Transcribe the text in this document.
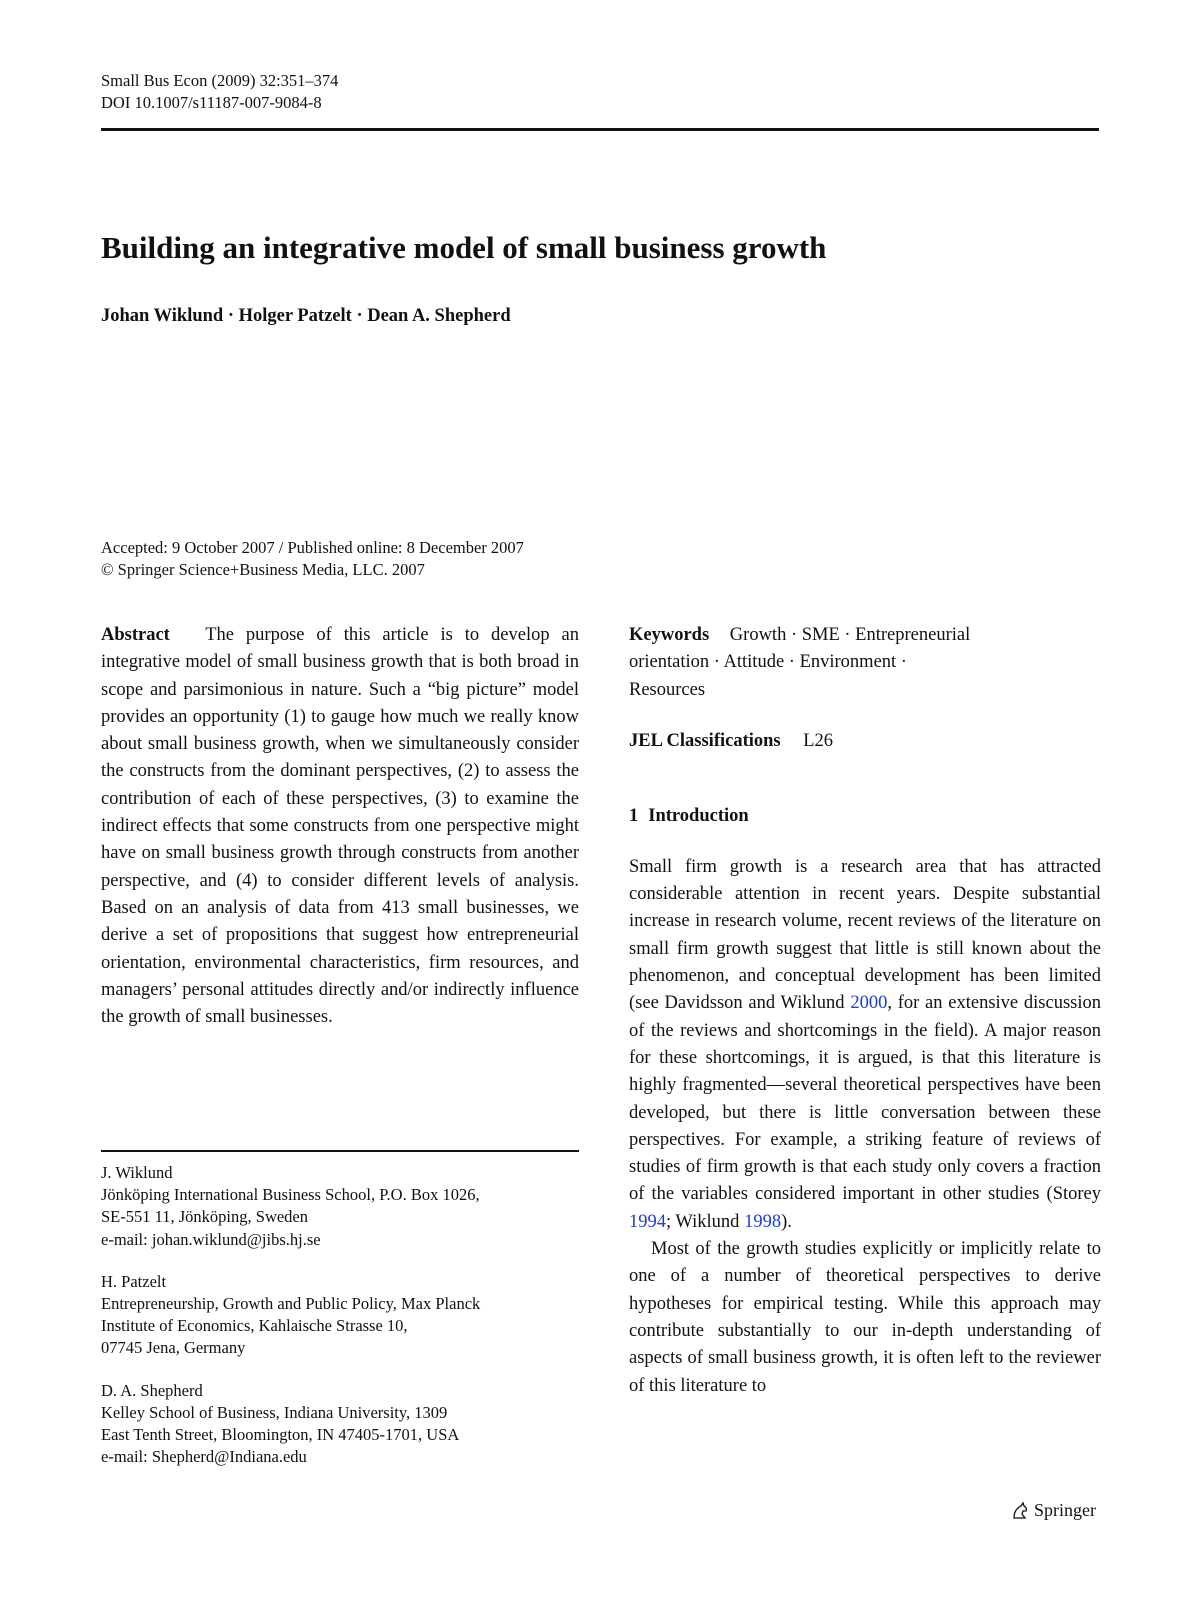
Small Bus Econ (2009) 32:351–374
DOI 10.1007/s11187-007-9084-8
Building an integrative model of small business growth
Johan Wiklund · Holger Patzelt · Dean A. Shepherd
Accepted: 9 October 2007 / Published online: 8 December 2007
© Springer Science+Business Media, LLC. 2007

Abstract The purpose of this article is to develop an integrative model of small business growth that is both broad in scope and parsimonious in nature. Such a “big picture” model provides an opportunity (1) to gauge how much we really know about small business growth, when we simultaneously consider the constructs from the dominant perspectives, (2) to assess the contribution of each of these perspectives, (3) to examine the indirect effects that some constructs from one perspective might have on small business growth through constructs from another perspective, and (4) to consider different levels of analysis. Based on an analysis of data from 413 small businesses, we derive a set of propositions that suggest how entrepreneurial orientation, environmental characteristics, firm resources, and managers’ personal attitudes directly and/or indirectly influence the growth of small businesses.

J. Wiklund
Jönköping International Business School, P.O. Box 1026,
SE-551 11, Jönköping, Sweden
e-mail: johan.wiklund@jibs.hj.se
H. Patzelt
Entrepreneurship, Growth and Public Policy, Max Planck
Institute of Economics, Kahlaische Strasse 10,
07745 Jena, Germany
D. A. Shepherd
Kelley School of Business, Indiana University, 1309
East Tenth Street, Bloomington, IN 47405-1701, USA
e-mail: Shepherd@Indiana.edu
Keywords Growth · SME · Entrepreneurial
orientation · Attitude · Environment ·
Resources
JEL Classifications L26
1 Introduction

Small firm growth is a research area that has attracted considerable attention in recent years. Despite substantial increase in research volume, recent reviews of the literature on small firm growth suggest that little is still known about the phenomenon, and conceptual development has been limited (see Davidsson and Wiklund 2000, for an extensive discussion of the reviews and shortcomings in the field). A major reason for these shortcomings, it is argued, is that this literature is highly fragmented—several theoretical perspectives have been developed, but there is little conversation between these perspectives. For example, a striking feature of reviews of studies of firm growth is that each study only covers a fraction of the variables considered important in other studies (Storey 1994; Wiklund 1998).

Most of the growth studies explicitly or implicitly relate to one of a number of theoretical perspectives to derive hypotheses for empirical testing. While this approach may contribute substantially to our in-depth understanding of aspects of small business growth, it is often left to the reviewer of this literature to

Springer
